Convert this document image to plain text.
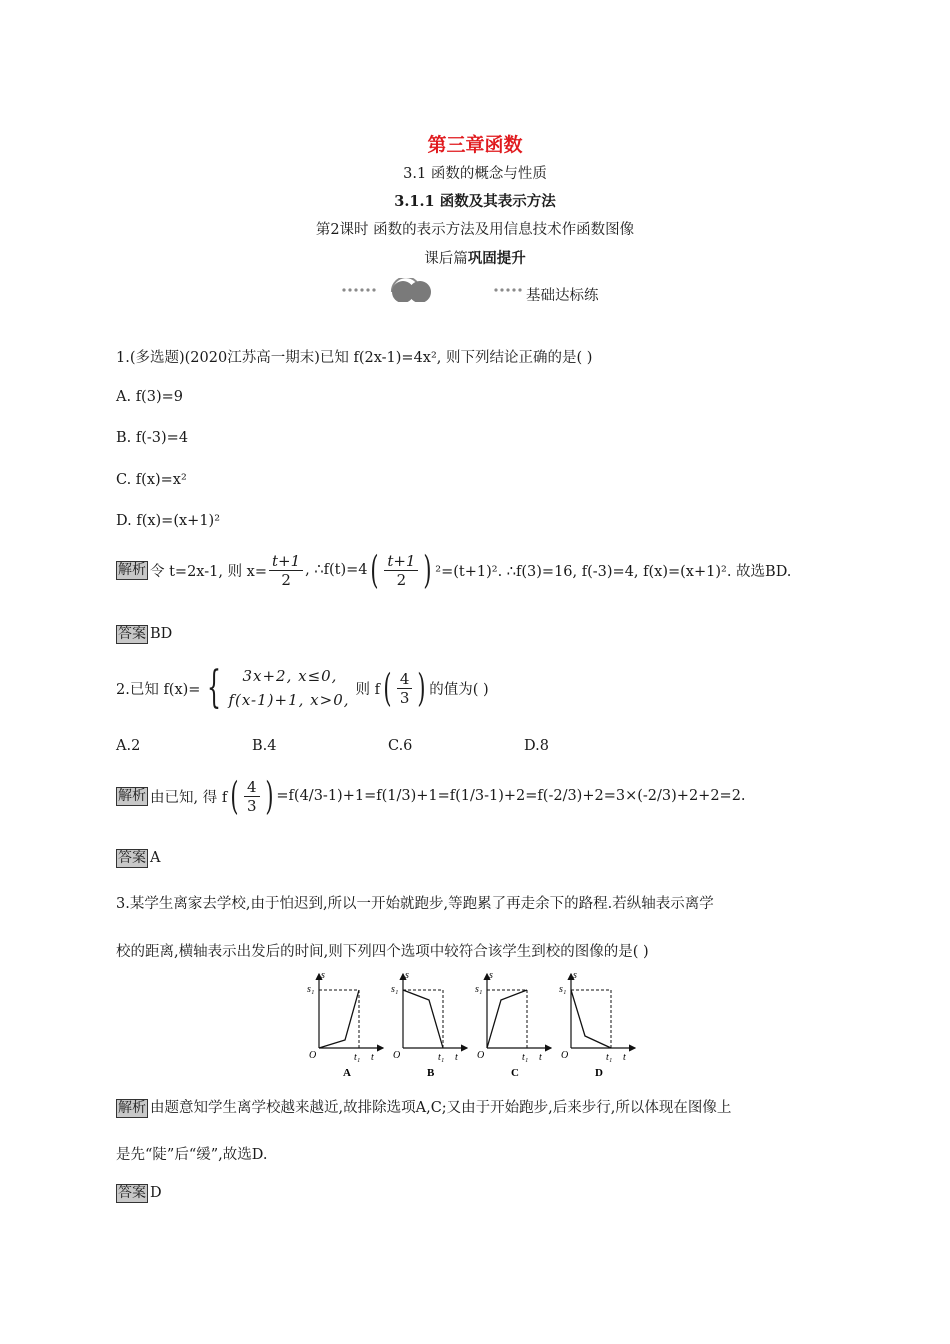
第三章函数
3.1 函数的概念与性质
3.1.1 函数及其表示方法
第2课时 函数的表示方法及用信息技术作函数图像
课后篇巩固提升
基础达标练
1.(多选题)(2020江苏高一期末)已知 f(2x-1)=4x², 则下列结论正确的是( )
A. f(3)=9
B. f(-3)=4
C. f(x)=x²
D. f(x)=(x+1)²
解析 令 t=2x-1, 则 $x= \frac{t+1}{2}$ , ∴f(t)=4 ( $\frac{t+1}{2}$ ) ²=(t+1)². ∴f(3)=16, f(-3)=4, f(x)=(x+1)². 故选BD.
答案 BD
2.已知 f(x)= {	3x+2, x≤0,
f(x-1)+1, x>0,
则 f ( $\frac{4}{3}$ ) 的值为( )
A.2	B.4	C.6	D.8
解析 由已知, 得 f ( $\frac{4}{3}$ ) =f(4/3-1)+1=f(1/3)+1=f(1/3-1)+2=f(-2/3)+2=3×(-2/3)+2+2=2.
答案 A
3.某学生离家去学校,由于怕迟到,所以一开始就跑步,等跑累了再走余下的路程.若纵轴表示离学
校的距离,横轴表示出发后的时间,则下列四个选项中较符合该学生到校的图像的是( )
s₁
s
O	t₁ t
A
s₁
s
O	t₁ t
B
s₁
s
O	t₁ t
C
s₁
s
O	t₁ t
D
解析 由题意知学生离学校越来越近,故排除选项A,C;又由于开始跑步,后来步行,所以体现在图像上
是先“陡”后“缓”,故选D.
答案 D
